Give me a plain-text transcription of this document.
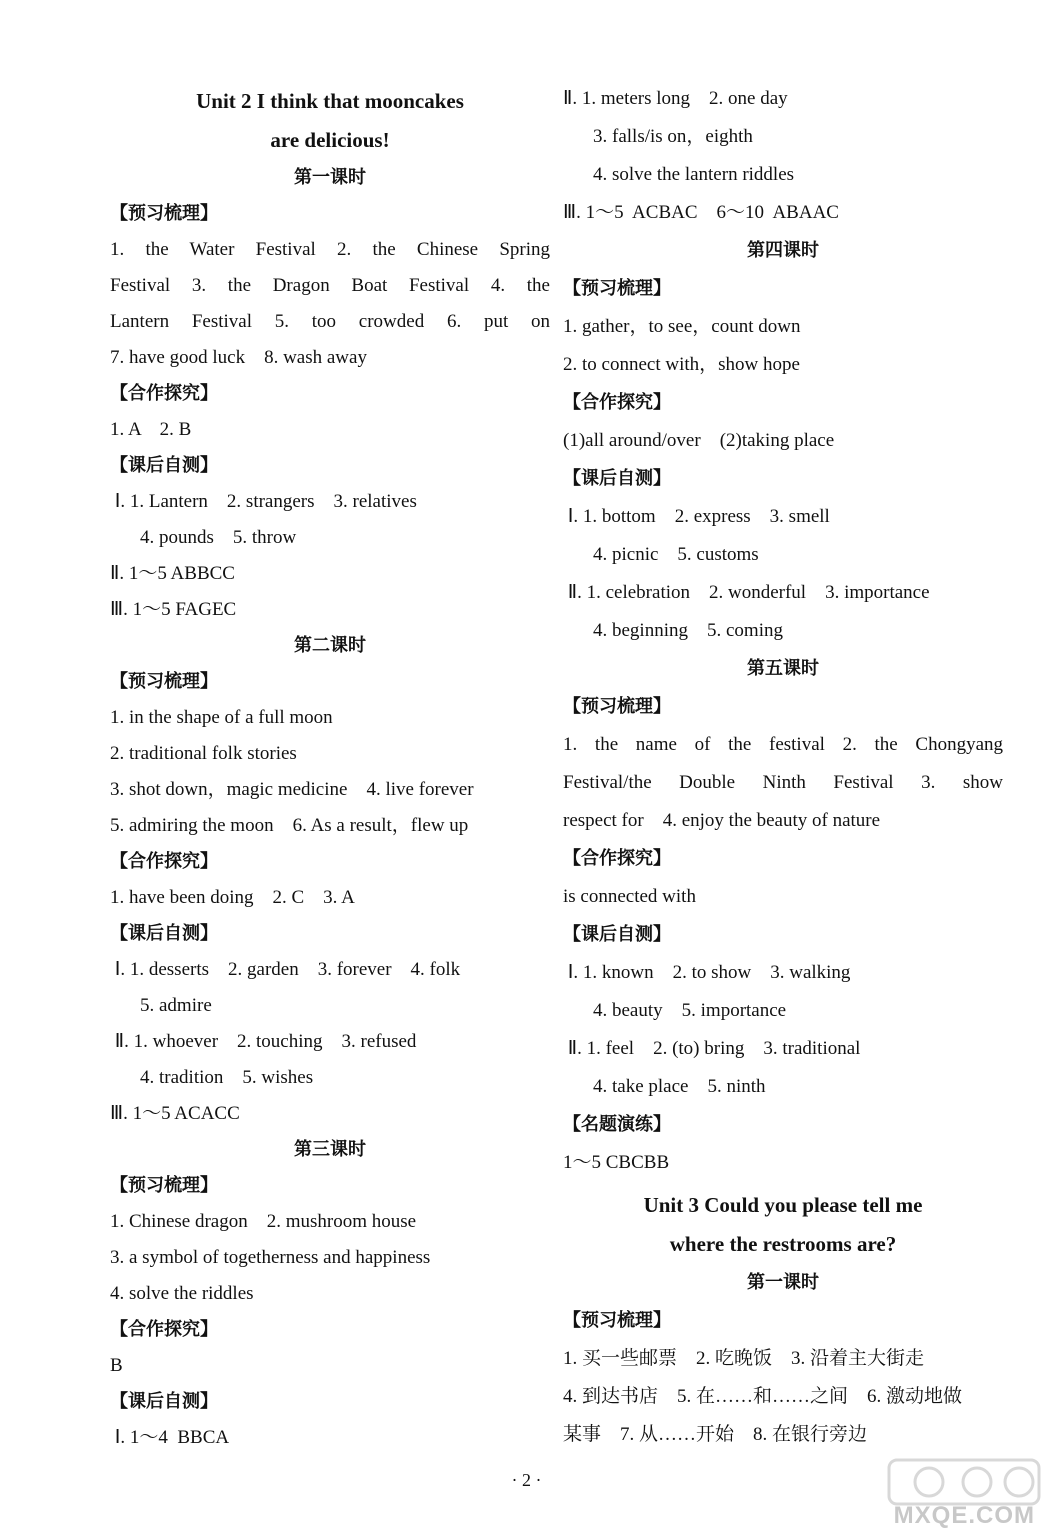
Unit 2 I think that mooncakes
are delicious!
第一课时
【预习梳理】
1. the Water Festival 2. the Chinese Spring
Festival 3. the Dragon Boat Festival 4. the
Lantern Festival 5. too crowded 6. put on
7. have good luck    8. wash away
【合作探究】
1. A    2. B
【课后自测】
Ⅰ. 1. Lantern    2. strangers    3. relatives
4. pounds    5. throw
Ⅱ. 1～5 ABBCC
Ⅲ. 1～5 FAGEC
第二课时
【预习梳理】
1. in the shape of a full moon
2. traditional folk stories
3. shot down，magic medicine    4. live forever
5. admiring the moon    6. As a result，flew up
【合作探究】
1. have been doing    2. C    3. A
【课后自测】
Ⅰ. 1. desserts    2. garden    3. forever    4. folk
5. admire
Ⅱ. 1. whoever    2. touching    3. refused
4. tradition    5. wishes
Ⅲ. 1～5 ACACC
第三课时
【预习梳理】
1. Chinese dragon    2. mushroom house
3. a symbol of togetherness and happiness
4. solve the riddles
【合作探究】
B
【课后自测】
Ⅰ. 1～4  BBCA
Ⅱ. 1. meters long    2. one day
3. falls/is on，eighth
4. solve the lantern riddles
Ⅲ. 1～5  ACBAC    6～10  ABAAC
第四课时
【预习梳理】
1. gather，to see，count down
2. to connect with，show hope
【合作探究】
(1)all around/over    (2)taking place
【课后自测】
Ⅰ. 1. bottom    2. express    3. smell
4. picnic    5. customs
Ⅱ. 1. celebration    2. wonderful    3. importance
4. beginning    5. coming
第五课时
【预习梳理】
1. the name of the festival 2. the Chongyang
Festival/the Double Ninth Festival 3. show
respect for    4. enjoy the beauty of nature
【合作探究】
is connected with
【课后自测】
Ⅰ. 1. known    2. to show    3. walking
4. beauty    5. importance
Ⅱ. 1. feel    2. (to) bring    3. traditional
4. take place    5. ninth
【名题演练】
1～5 CBCBB
Unit 3 Could you please tell me
where the restrooms are?
第一课时
【预习梳理】
1. 买一些邮票    2. 吃晚饭    3. 沿着主大街走
4. 到达书店    5. 在……和……之间    6. 激动地做
某事    7. 从……开始    8. 在银行旁边
· 2 ·
MXQE.COM
